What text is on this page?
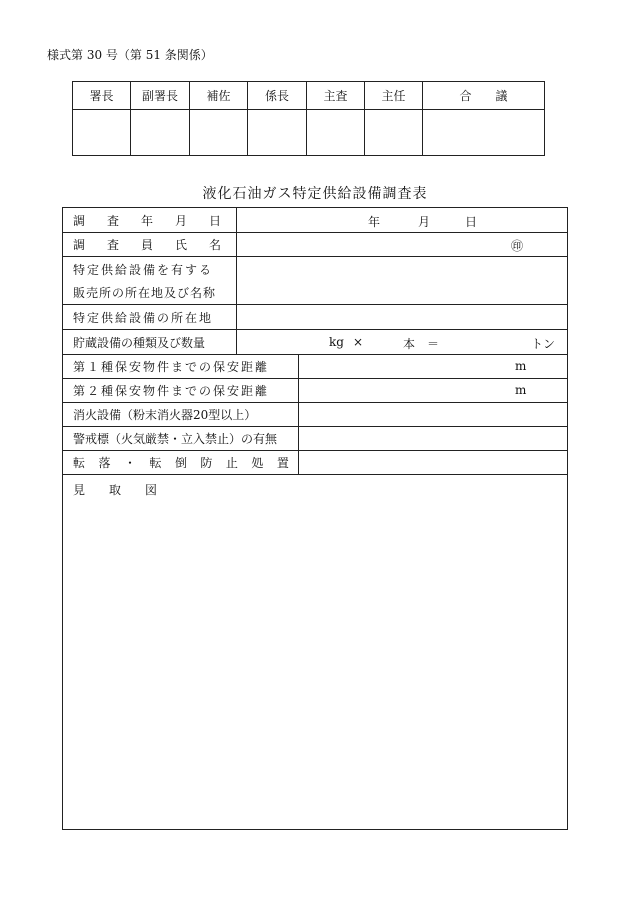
様式第 30 号（第 51 条関係）
署長	副署長	補佐	係長	主査	主任	合　　議
液化石油ガス特定供給設備調査表
調 査 年 月 日	年	月	日
調 査 員 氏 名	㊞
特定供給設備を有する
販売所の所在地及び名称
特定供給設備の所在地
貯蔵設備の種類及び数量	kg ×	本 ＝	トン
第１種保安物件までの保安距離	m
第２種保安物件までの保安距離	m
消火設備（粉末消火器20型以上）
警戒標（火気厳禁・立入禁止）の有無
転 落 ・ 転 倒 防 止 処 置
見 取 図
